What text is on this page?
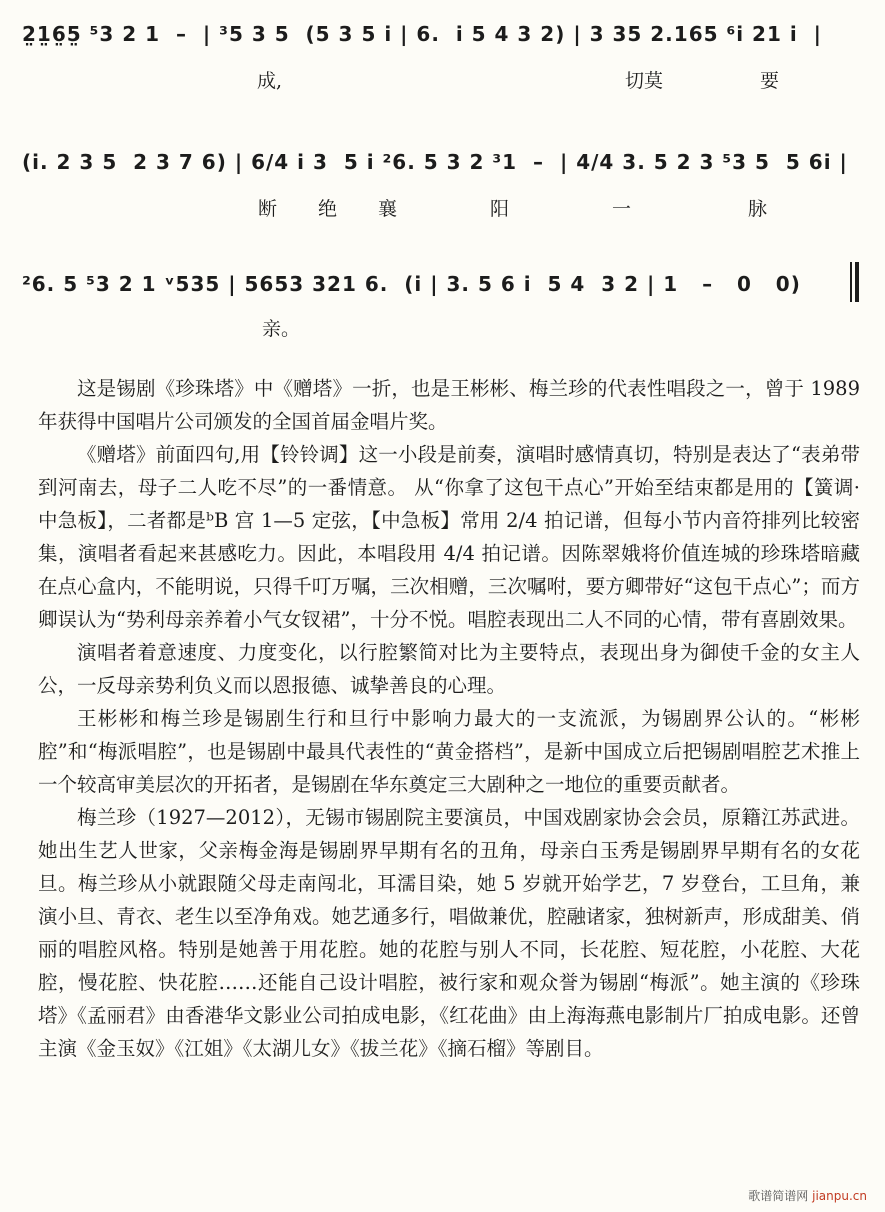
2̤1̤6̤5̤ ⁵3 2 1  –  | ³5 3 5  (5 3 5 i | 6.  i 5 4 3 2) | 3 35 2.165 ⁶i 21 i  |

成,	切莫	要

(i. 2 3 5  2 3 7 6) | 6/4 i 3  5 i ²6. 5 3 2 ³1  –  | 4/4 3. 5 2 3 ⁵3 5  5 6i |

断 绝 襄	阳	一	脉

²6. 5 ⁵3 2 1 ᵛ535 | 5653 321 6.  (i | 3. 5 6 i  5 4  3 2 | 1   –   0   0)

亲。

这是锡剧《珍珠塔》中《赠塔》一折，也是王彬彬、梅兰珍的代表性唱段之一，曾于 1989 年获得中国唱片公司颁发的全国首届金唱片奖。

《赠塔》前面四句,用【铃铃调】这一小段是前奏，演唱时感情真切，特别是表达了“表弟带到河南去，母子二人吃不尽”的一番情意。 从“你拿了这包干点心”开始至结束都是用的【簧调·中急板】，二者都是ᵇB 宫 1—5 定弦，【中急板】常用 2/4 拍记谱，但每小节内音符排列比较密集，演唱者看起来甚感吃力。因此，本唱段用 4/4 拍记谱。因陈翠娥将价值连城的珍珠塔暗藏在点心盒内，不能明说，只得千叮万嘱，三次相赠，三次嘱咐，要方卿带好“这包干点心”；而方卿误认为“势利母亲养着小气女钗裙”，十分不悦。唱腔表现出二人不同的心情，带有喜剧效果。

演唱者着意速度、力度变化，以行腔繁简对比为主要特点，表现出身为御使千金的女主人公，一反母亲势利负义而以恩报德、诚挚善良的心理。

王彬彬和梅兰珍是锡剧生行和旦行中影响力最大的一支流派，为锡剧界公认的。“彬彬腔”和“梅派唱腔”，也是锡剧中最具代表性的“黄金搭档”，是新中国成立后把锡剧唱腔艺术推上一个较高审美层次的开拓者，是锡剧在华东奠定三大剧种之一地位的重要贡献者。

梅兰珍（1927—2012），无锡市锡剧院主要演员，中国戏剧家协会会员，原籍江苏武进。她出生艺人世家，父亲梅金海是锡剧界早期有名的丑角，母亲白玉秀是锡剧界早期有名的女花旦。梅兰珍从小就跟随父母走南闯北，耳濡目染，她 5 岁就开始学艺，7 岁登台，工旦角，兼演小旦、青衣、老生以至净角戏。她艺通多行，唱做兼优，腔融诸家，独树新声，形成甜美、俏丽的唱腔风格。特别是她善于用花腔。她的花腔与别人不同，长花腔、短花腔，小花腔、大花腔，慢花腔、快花腔……还能自己设计唱腔，被行家和观众誉为锡剧“梅派”。她主演的《珍珠塔》《孟丽君》由香港华文影业公司拍成电影，《红花曲》由上海海燕电影制片厂拍成电影。还曾主演《金玉奴》《江姐》《太湖儿女》《拔兰花》《摘石榴》等剧目。

歌谱简谱网 jianpu.cn
